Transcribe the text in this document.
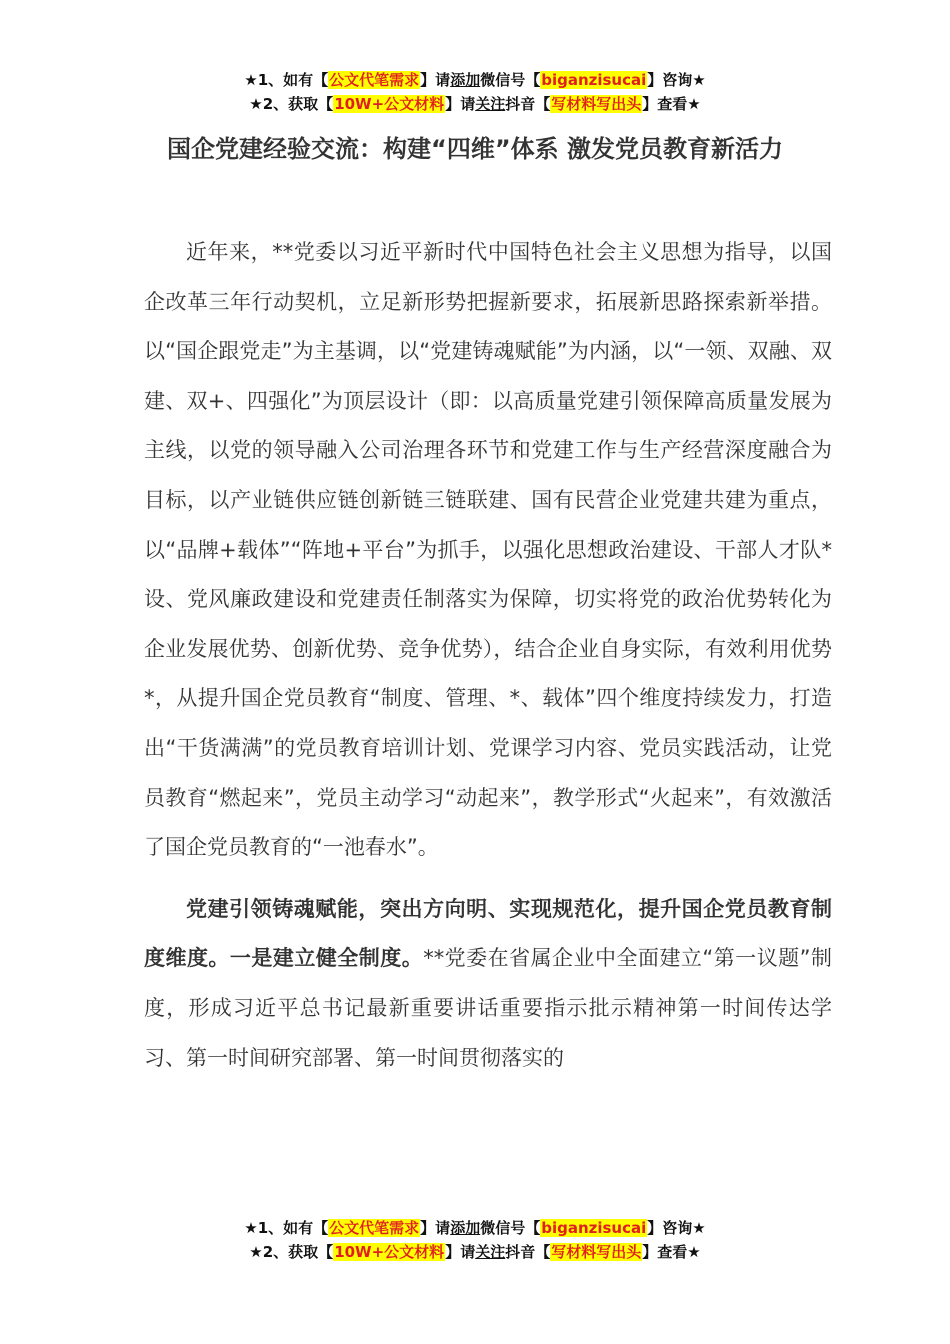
★1、如有【公文代笔需求】请添加微信号【biganzisucai】咨询★
★2、获取【10W+公文材料】请关注抖音【写材料写出头】查看★
国企党建经验交流：构建“四维”体系 激发党员教育新活力

近年来，**党委以习近平新时代中国特色社会主义思想为指导，以国企改革三年行动契机，立足新形势把握新要求，拓展新思路探索新举措。以“国企跟党走”为主基调，以“党建铸魂赋能”为内涵，以“一领、双融、双建、双+、四强化”为顶层设计（即：以高质量党建引领保障高质量发展为主线，以党的领导融入公司治理各环节和党建工作与生产经营深度融合为目标，以产业链供应链创新链三链联建、国有民营企业党建共建为重点，以“品牌+载体”“阵地+平台”为抓手，以强化思想政治建设、干部人才队*设、党风廉政建设和党建责任制落实为保障，切实将党的政治优势转化为企业发展优势、创新优势、竞争优势），结合企业自身实际，有效利用优势*，从提升国企党员教育“制度、管理、*、载体”四个维度持续发力，打造出“干货满满”的党员教育培训计划、党课学习内容、党员实践活动，让党员教育“燃起来”，党员主动学习“动起来”，教学形式“火起来”，有效激活了国企党员教育的“一池春水”。

党建引领铸魂赋能，突出方向明、实现规范化，提升国企党员教育制度维度。一是建立健全制度。**党委在省属企业中全面建立“第一议题”制度，形成习近平总书记最新重要讲话重要指示批示精神第一时间传达学习、第一时间研究部署、第一时间贯彻落实的

★1、如有【公文代笔需求】请添加微信号【biganzisucai】咨询★
★2、获取【10W+公文材料】请关注抖音【写材料写出头】查看★
